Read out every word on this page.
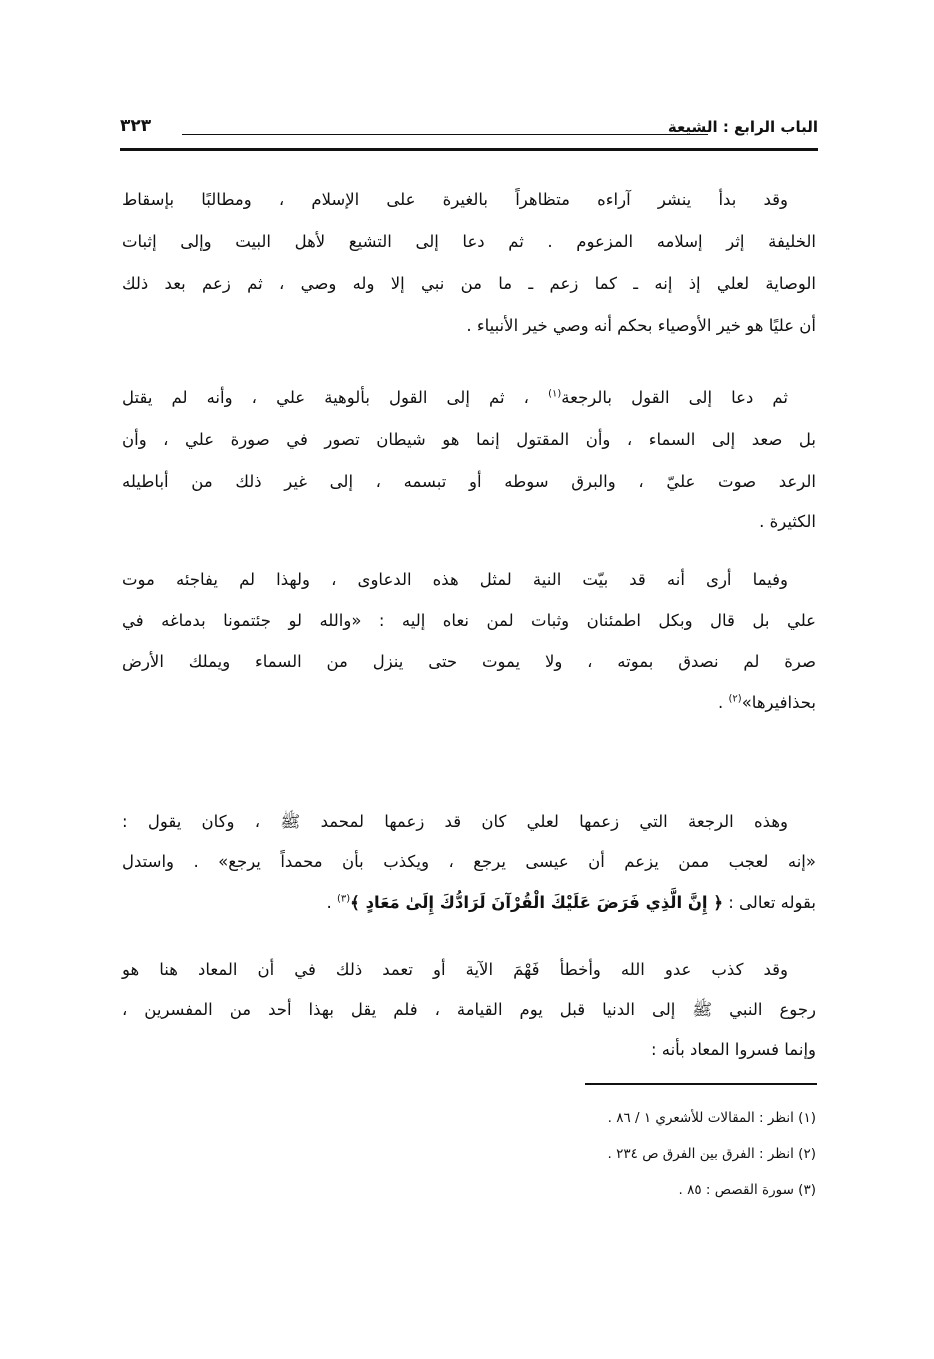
الباب الرابع : الشيعة
٣٢٣
وقد بدأ ينشر آراءه متظاهراً بالغيرة على الإسلام ، ومطالبًا بإسقاط
الخليفة إثر إسلامه المزعوم . ثم دعا إلى التشيع لأهل البيت وإلى إثبات
الوصاية لعلي إذ إنه ـ كما زعم ـ ما من نبي إلا وله وصي ، ثم زعم بعد ذلك
أن عليًا هو خير الأوصياء بحكم أنه وصي خير الأنبياء .
ثم دعا إلى القول بالرجعة$^{(١)}$ ، ثم إلى القول بألوهية علي ، وأنه لم يقتل
بل صعد إلى السماء ، وأن المقتول إنما هو شيطان تصور في صورة علي ، وأن
الرعد صوت عليّ ، والبرق سوطه أو تبسمه ، إلى غير ذلك من أباطيله
الكثيرة .
وفيما أرى أنه قد بيّت النية لمثل هذه الدعاوى ، ولهذا لم يفاجئه موت
علي بل قال وبكل اطمئنان وثبات لمن نعاه إليه : «والله لو جئتمونا بدماغه في
صرة لم نصدق بموته ، ولا يموت حتى ينزل من السماء ويملك الأرض
بحذافيرها»$^{(٢)}$ .
وهذه الرجعة التي زعمها لعلي كان قد زعمها لمحمد ﷺ ، وكان يقول :
«إنه لعجب ممن يزعم أن عيسى يرجع ، ويكذب بأن محمداً يرجع» . واستدل
بقوله تعالى : ﴿ إِنَّ الَّذِي فَرَضَ عَلَيْكَ الْقُرْآنَ لَرَادُّكَ إِلَىٰ مَعَادٍ ﴾$^{(٣)}$ .
وقد كذب عدو الله وأخطأ فَهْمَ الآية أو تعمد ذلك في أن المعاد هنا هو
رجوع النبي ﷺ إلى الدنيا قبل يوم القيامة ، فلم يقل بهذا أحد من المفسرين ،
وإنما فسروا المعاد بأنه :
(١) انظر : المقالات للأشعري ١ / ٨٦ .
(٢) انظر : الفرق بين الفرق ص ٢٣٤ .
(٣) سورة القصص : ٨٥ .
